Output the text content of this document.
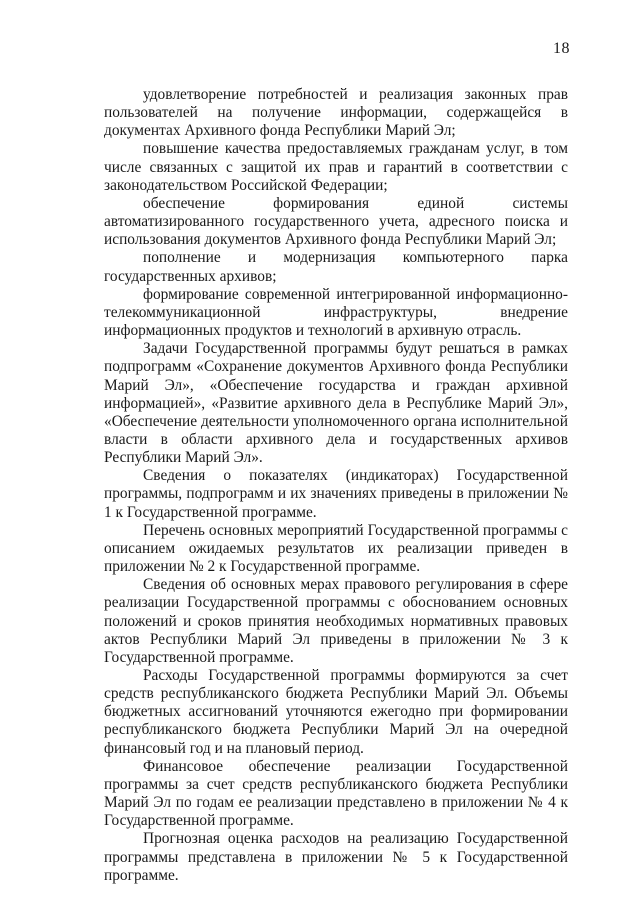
18

удовлетворение потребностей и реализация законных прав пользователей на получение информации, содержащейся в документах Архивного фонда Республики Марий Эл;

повышение качества предоставляемых гражданам услуг, в том числе связанных с защитой их прав и гарантий в соответствии с законодательством Российской Федерации;

обеспечение формирования единой системы автоматизированного государственного учета, адресного поиска и использования документов Архивного фонда Республики Марий Эл;

пополнение и модернизация компьютерного парка государственных архивов;

формирование современной интегрированной информационно-телекоммуникационной инфраструктуры, внедрение информационных продуктов и технологий в архивную отрасль.

Задачи Государственной программы будут решаться в рамках подпрограмм «Сохранение документов Архивного фонда Республики Марий Эл», «Обеспечение государства и граждан архивной информацией», «Развитие архивного дела в Республике Марий Эл», «Обеспечение деятельности уполномоченного органа исполнительной власти в области архивного дела и государственных архивов Республики Марий Эл».

Сведения о показателях (индикаторах) Государственной программы, подпрограмм и их значениях приведены в приложении № 1 к Государственной программе.

Перечень основных мероприятий Государственной программы с описанием ожидаемых результатов их реализации приведен в приложении № 2 к Государственной программе.

Сведения об основных мерах правового регулирования в сфере реализации Государственной программы с обоснованием основных положений и сроков принятия необходимых нормативных правовых актов Республики Марий Эл приведены в приложении № 3 к Государственной программе.

Расходы Государственной программы формируются за счет средств республиканского бюджета Республики Марий Эл. Объемы бюджетных ассигнований уточняются ежегодно при формировании республиканского бюджета Республики Марий Эл на очередной финансовый год и на плановый период.

Финансовое обеспечение реализации Государственной программы за счет средств республиканского бюджета Республики Марий Эл по годам ее реализации представлено в приложении № 4 к Государственной программе.

Прогнозная оценка расходов на реализацию Государственной программы представлена в приложении № 5 к Государственной программе.
